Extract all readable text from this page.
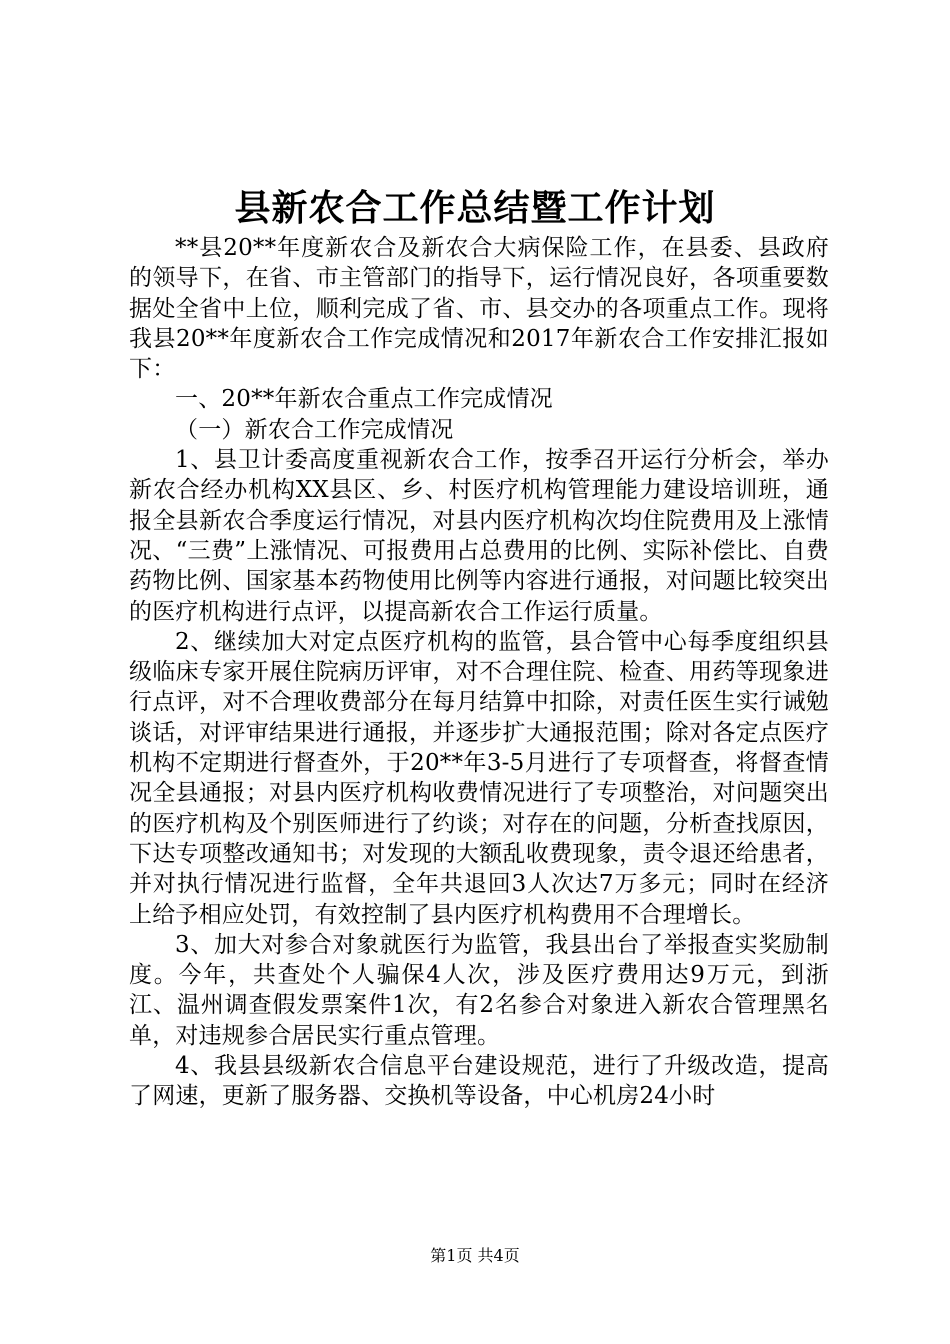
县新农合工作总结暨工作计划

**县20**年度新农合及新农合大病保险工作，在县委、县政府的领导下，在省、市主管部门的指导下，运行情况良好，各项重要数据处全省中上位，顺利完成了省、市、县交办的各项重点工作。现将我县20**年度新农合工作完成情况和2017年新农合工作安排汇报如下：

一、20**年新农合重点工作完成情况

（一）新农合工作完成情况

1、县卫计委高度重视新农合工作，按季召开运行分析会，举办新农合经办机构XX县区、乡、村医疗机构管理能力建设培训班，通报全县新农合季度运行情况，对县内医疗机构次均住院费用及上涨情况、“三费”上涨情况、可报费用占总费用的比例、实际补偿比、自费药物比例、国家基本药物使用比例等内容进行通报，对问题比较突出的医疗机构进行点评，以提高新农合工作运行质量。

2、继续加大对定点医疗机构的监管，县合管中心每季度组织县级临床专家开展住院病历评审，对不合理住院、检查、用药等现象进行点评，对不合理收费部分在每月结算中扣除，对责任医生实行诫勉谈话，对评审结果进行通报，并逐步扩大通报范围；除对各定点医疗机构不定期进行督查外，于20**年3-5月进行了专项督查，将督查情况全县通报；对县内医疗机构收费情况进行了专项整治，对问题突出的医疗机构及个别医师进行了约谈；对存在的问题，分析查找原因，下达专项整改通知书；对发现的大额乱收费现象，责令退还给患者，并对执行情况进行监督，全年共退回3人次达7万多元；同时在经济上给予相应处罚，有效控制了县内医疗机构费用不合理增长。

3、加大对参合对象就医行为监管，我县出台了举报查实奖励制度。今年，共查处个人骗保4人次，涉及医疗费用达9万元，到浙江、温州调查假发票案件1次，有2名参合对象进入新农合管理黑名单，对违规参合居民实行重点管理。

4、我县县级新农合信息平台建设规范，进行了升级改造，提高了网速，更新了服务器、交换机等设备，中心机房24小时

第1页 共4页
